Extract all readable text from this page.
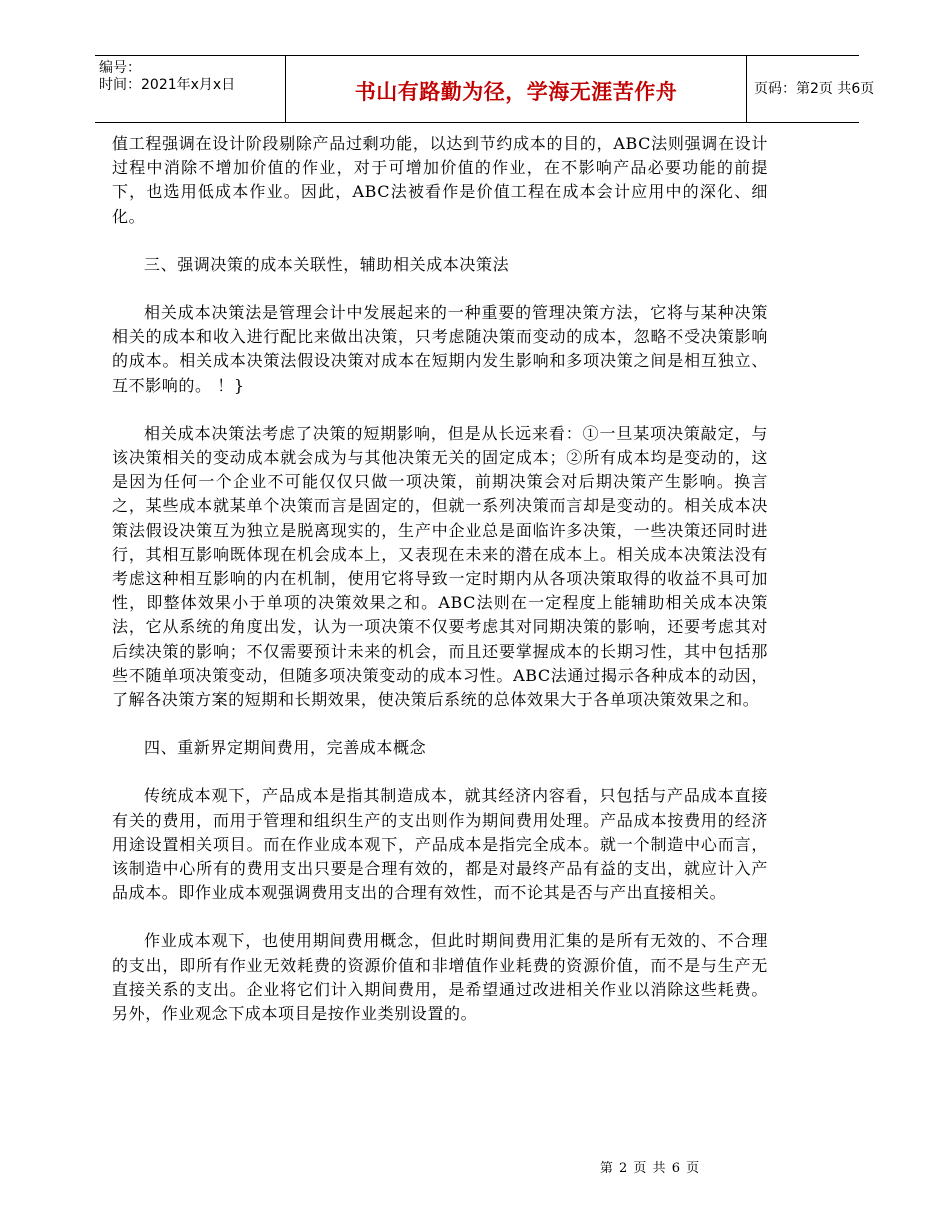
编号：
时间：2021年x月x日	书山有路勤为径，学海无涯苦作舟	页码：第2页 共6页

值工程强调在设计阶段剔除产品过剩功能，以达到节约成本的目的，ABC法则强调在设计过程中消除不增加价值的作业，对于可增加价值的作业，在不影响产品必要功能的前提下，也选用低成本作业。因此，ABC法被看作是价值工程在成本会计应用中的深化、细化。

三、强调决策的成本关联性，辅助相关成本决策法

相关成本决策法是管理会计中发展起来的一种重要的管理决策方法，它将与某种决策相关的成本和收入进行配比来做出决策，只考虑随决策而变动的成本，忽略不受决策影响的成本。相关成本决策法假设决策对成本在短期内发生影响和多项决策之间是相互独立、互不影响的。 ！}

相关成本决策法考虑了决策的短期影响，但是从长远来看：①一旦某项决策敲定，与该决策相关的变动成本就会成为与其他决策无关的固定成本；②所有成本均是变动的，这是因为任何一个企业不可能仅仅只做一项决策，前期决策会对后期决策产生影响。换言之，某些成本就某单个决策而言是固定的，但就一系列决策而言却是变动的。相关成本决策法假设决策互为独立是脱离现实的，生产中企业总是面临许多决策，一些决策还同时进行，其相互影响既体现在机会成本上，又表现在未来的潜在成本上。相关成本决策法没有考虑这种相互影响的内在机制，使用它将导致一定时期内从各项决策取得的收益不具可加性，即整体效果小于单项的决策效果之和。ABC法则在一定程度上能辅助相关成本决策法，它从系统的角度出发，认为一项决策不仅要考虑其对同期决策的影响，还要考虑其对后续决策的影响；不仅需要预计未来的机会，而且还要掌握成本的长期习性，其中包括那些不随单项决策变动，但随多项决策变动的成本习性。ABC法通过揭示各种成本的动因，了解各决策方案的短期和长期效果，使决策后系统的总体效果大于各单项决策效果之和。

四、重新界定期间费用，完善成本概念

传统成本观下，产品成本是指其制造成本，就其经济内容看，只包括与产品成本直接有关的费用，而用于管理和组织生产的支出则作为期间费用处理。产品成本按费用的经济用途设置相关项目。而在作业成本观下，产品成本是指完全成本。就一个制造中心而言，该制造中心所有的费用支出只要是合理有效的，都是对最终产品有益的支出，就应计入产品成本。即作业成本观强调费用支出的合理有效性，而不论其是否与产出直接相关。

作业成本观下，也使用期间费用概念，但此时期间费用汇集的是所有无效的、不合理的支出，即所有作业无效耗费的资源价值和非增值作业耗费的资源价值，而不是与生产无直接关系的支出。企业将它们计入期间费用，是希望通过改进相关作业以消除这些耗费。另外，作业观念下成本项目是按作业类别设置的。

第 2 页 共 6 页
